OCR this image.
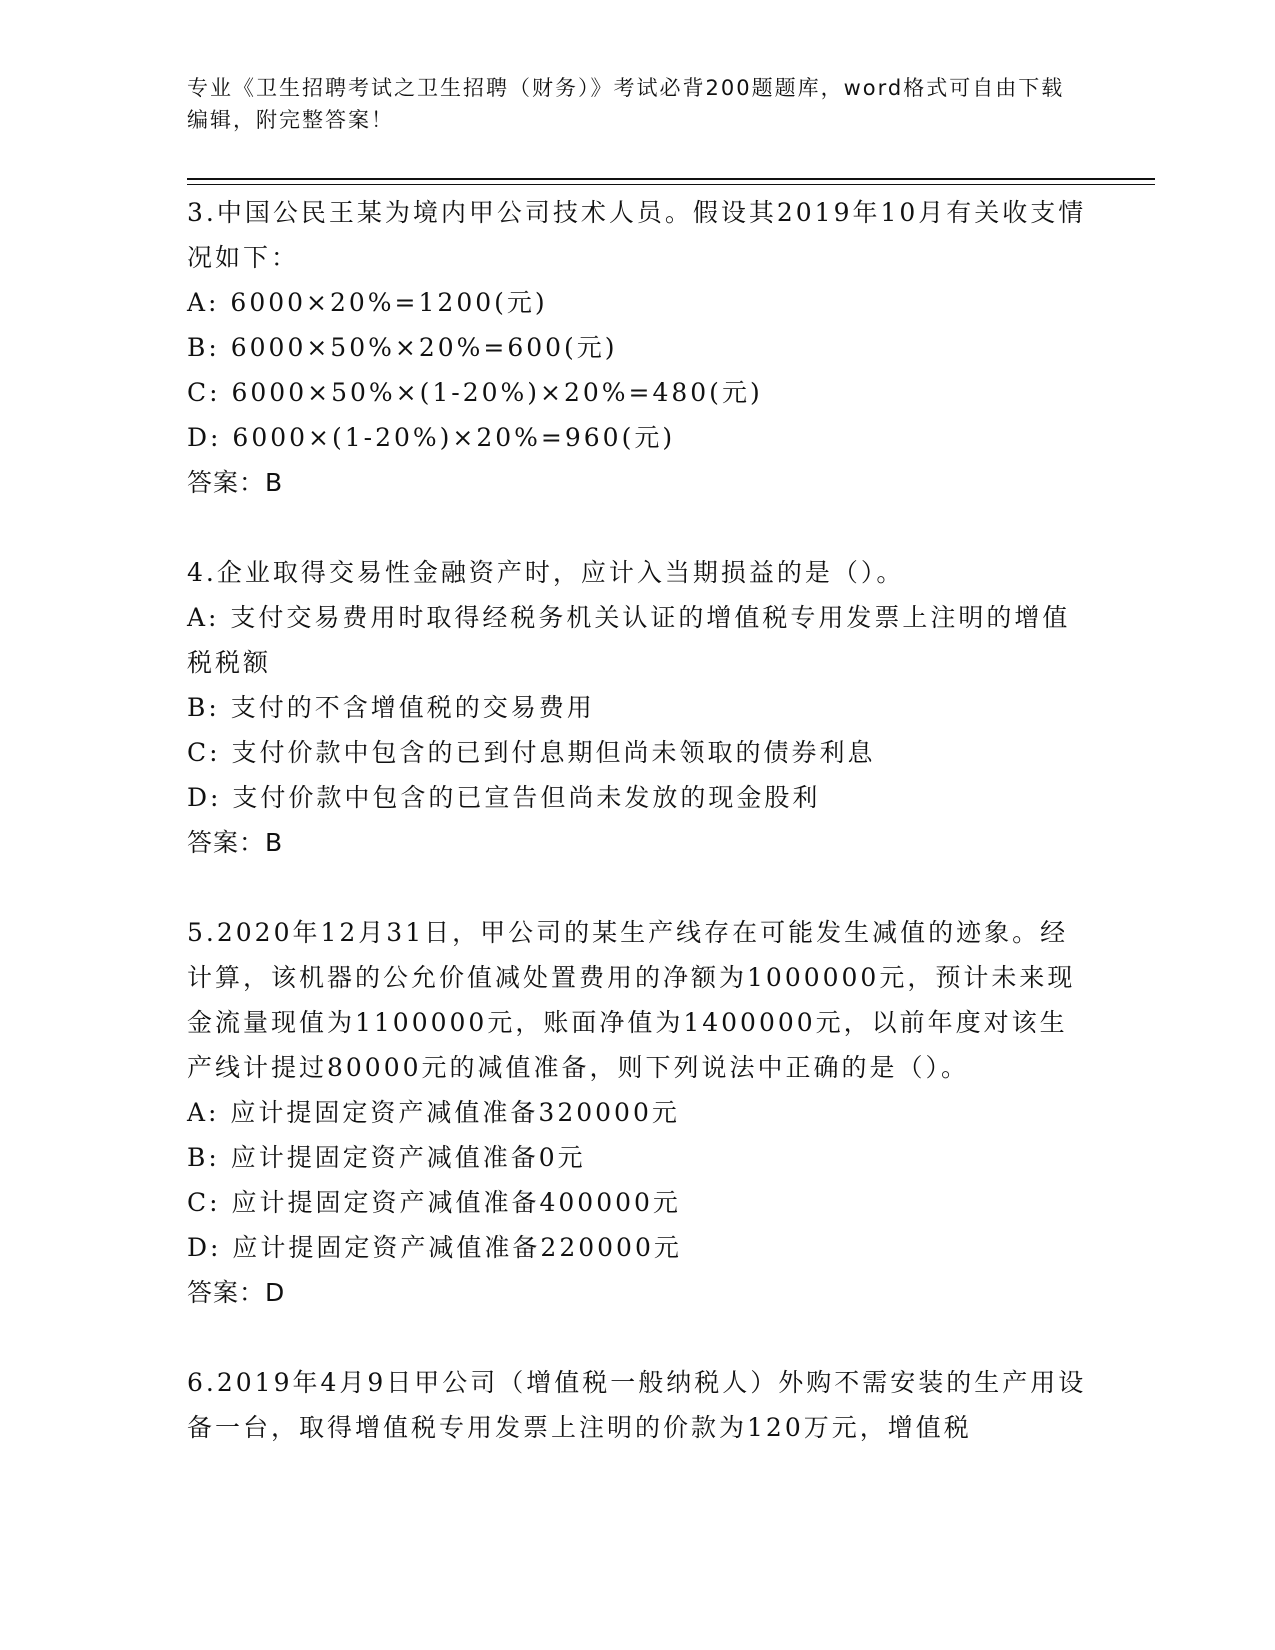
专业《卫生招聘考试之卫生招聘（财务）》考试必背200题题库，word格式可自由下载编辑，附完整答案！

3.中国公民王某为境内甲公司技术人员。假设其2019年10月有关收支情况如下：

A: 6000×20%=1200(元)

B: 6000×50%×20%=600(元)

C: 6000×50%×(1-20%)×20%=480(元)

D: 6000×(1-20%)×20%=960(元)

答案：B

4.企业取得交易性金融资产时，应计入当期损益的是（）。

A: 支付交易费用时取得经税务机关认证的增值税专用发票上注明的增值税税额

B: 支付的不含增值税的交易费用

C: 支付价款中包含的已到付息期但尚未领取的债券利息

D: 支付价款中包含的已宣告但尚未发放的现金股利

答案：B

5.2020年12月31日，甲公司的某生产线存在可能发生减值的迹象。经计算，该机器的公允价值减处置费用的净额为1000000元，预计未来现金流量现值为1100000元，账面净值为1400000元，以前年度对该生产线计提过80000元的减值准备，则下列说法中正确的是（）。

A: 应计提固定资产减值准备320000元

B: 应计提固定资产减值准备0元

C: 应计提固定资产减值准备400000元

D: 应计提固定资产减值准备220000元

答案：D

6.2019年4月9日甲公司（增值税一般纳税人）外购不需安装的生产用设备一台，取得增值税专用发票上注明的价款为120万元，增值税
